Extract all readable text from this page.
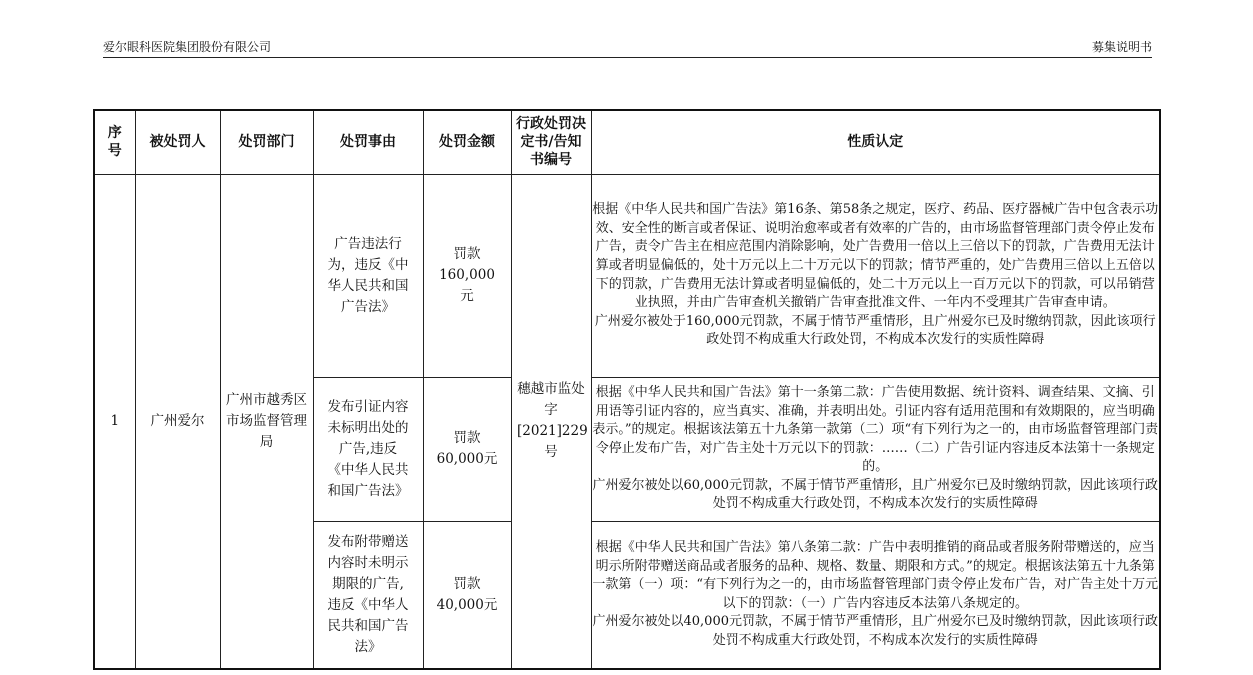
爱尔眼科医院集团股份有限公司	募集说明书
序号	被处罚人	处罚部门	处罚事由	处罚金额	行政处罚决定书/告知书编号	性质认定
1	广州爱尔	广州市越秀区市场监督管理局	广告违法行为，违反《中华人民共和国广告法》	罚款160,000元	穗越市监处字[2021]229号	根据《中华人民共和国广告法》第16条、第58条之规定，医疗、药品、医疗器械广告中包含表示功效、安全性的断言或者保证、说明治愈率或者有效率的广告的，由市场监督管理部门责令停止发布广告，责令广告主在相应范围内消除影响，处广告费用一倍以上三倍以下的罚款，广告费用无法计算或者明显偏低的，处十万元以上二十万元以下的罚款；情节严重的，处广告费用三倍以上五倍以下的罚款，广告费用无法计算或者明显偏低的，处二十万元以上一百万元以下的罚款，可以吊销营业执照，并由广告审查机关撤销广告审查批准文件、一年内不受理其广告审查申请。

广州爱尔被处于160,000元罚款，不属于情节严重情形，且广州爱尔已及时缴纳罚款，因此该项行政处罚不构成重大行政处罚，不构成本次发行的实质性障碍

			发布引证内容未标明出处的广告,违反《中华人民共和国广告法》	罚款60,000元		根据《中华人民共和国广告法》第十一条第二款：广告使用数据、统计资料、调查结果、文摘、引用语等引证内容的，应当真实、准确，并表明出处。引证内容有适用范围和有效期限的，应当明确表示。”的规定。根据该法第五十九条第一款第（二）项“有下列行为之一的，由市场监督管理部门责令停止发布广告，对广告主处十万元以下的罚款：……（二）广告引证内容违反本法第十一条规定的。

广州爱尔被处以60,000元罚款，不属于情节严重情形，且广州爱尔已及时缴纳罚款，因此该项行政处罚不构成重大行政处罚，不构成本次发行的实质性障碍

			发布附带赠送内容时未明示期限的广告,违反《中华人民共和国广告法》	罚款40,000元		根据《中华人民共和国广告法》第八条第二款：广告中表明推销的商品或者服务附带赠送的，应当明示所附带赠送商品或者服务的品种、规格、数量、期限和方式。”的规定。根据该法第五十九条第一款第（一）项：“有下列行为之一的，由市场监督管理部门责令停止发布广告，对广告主处十万元以下的罚款：（一）广告内容违反本法第八条规定的。

广州爱尔被处以40,000元罚款，不属于情节严重情形，且广州爱尔已及时缴纳罚款，因此该项行政处罚不构成重大行政处罚，不构成本次发行的实质性障碍
